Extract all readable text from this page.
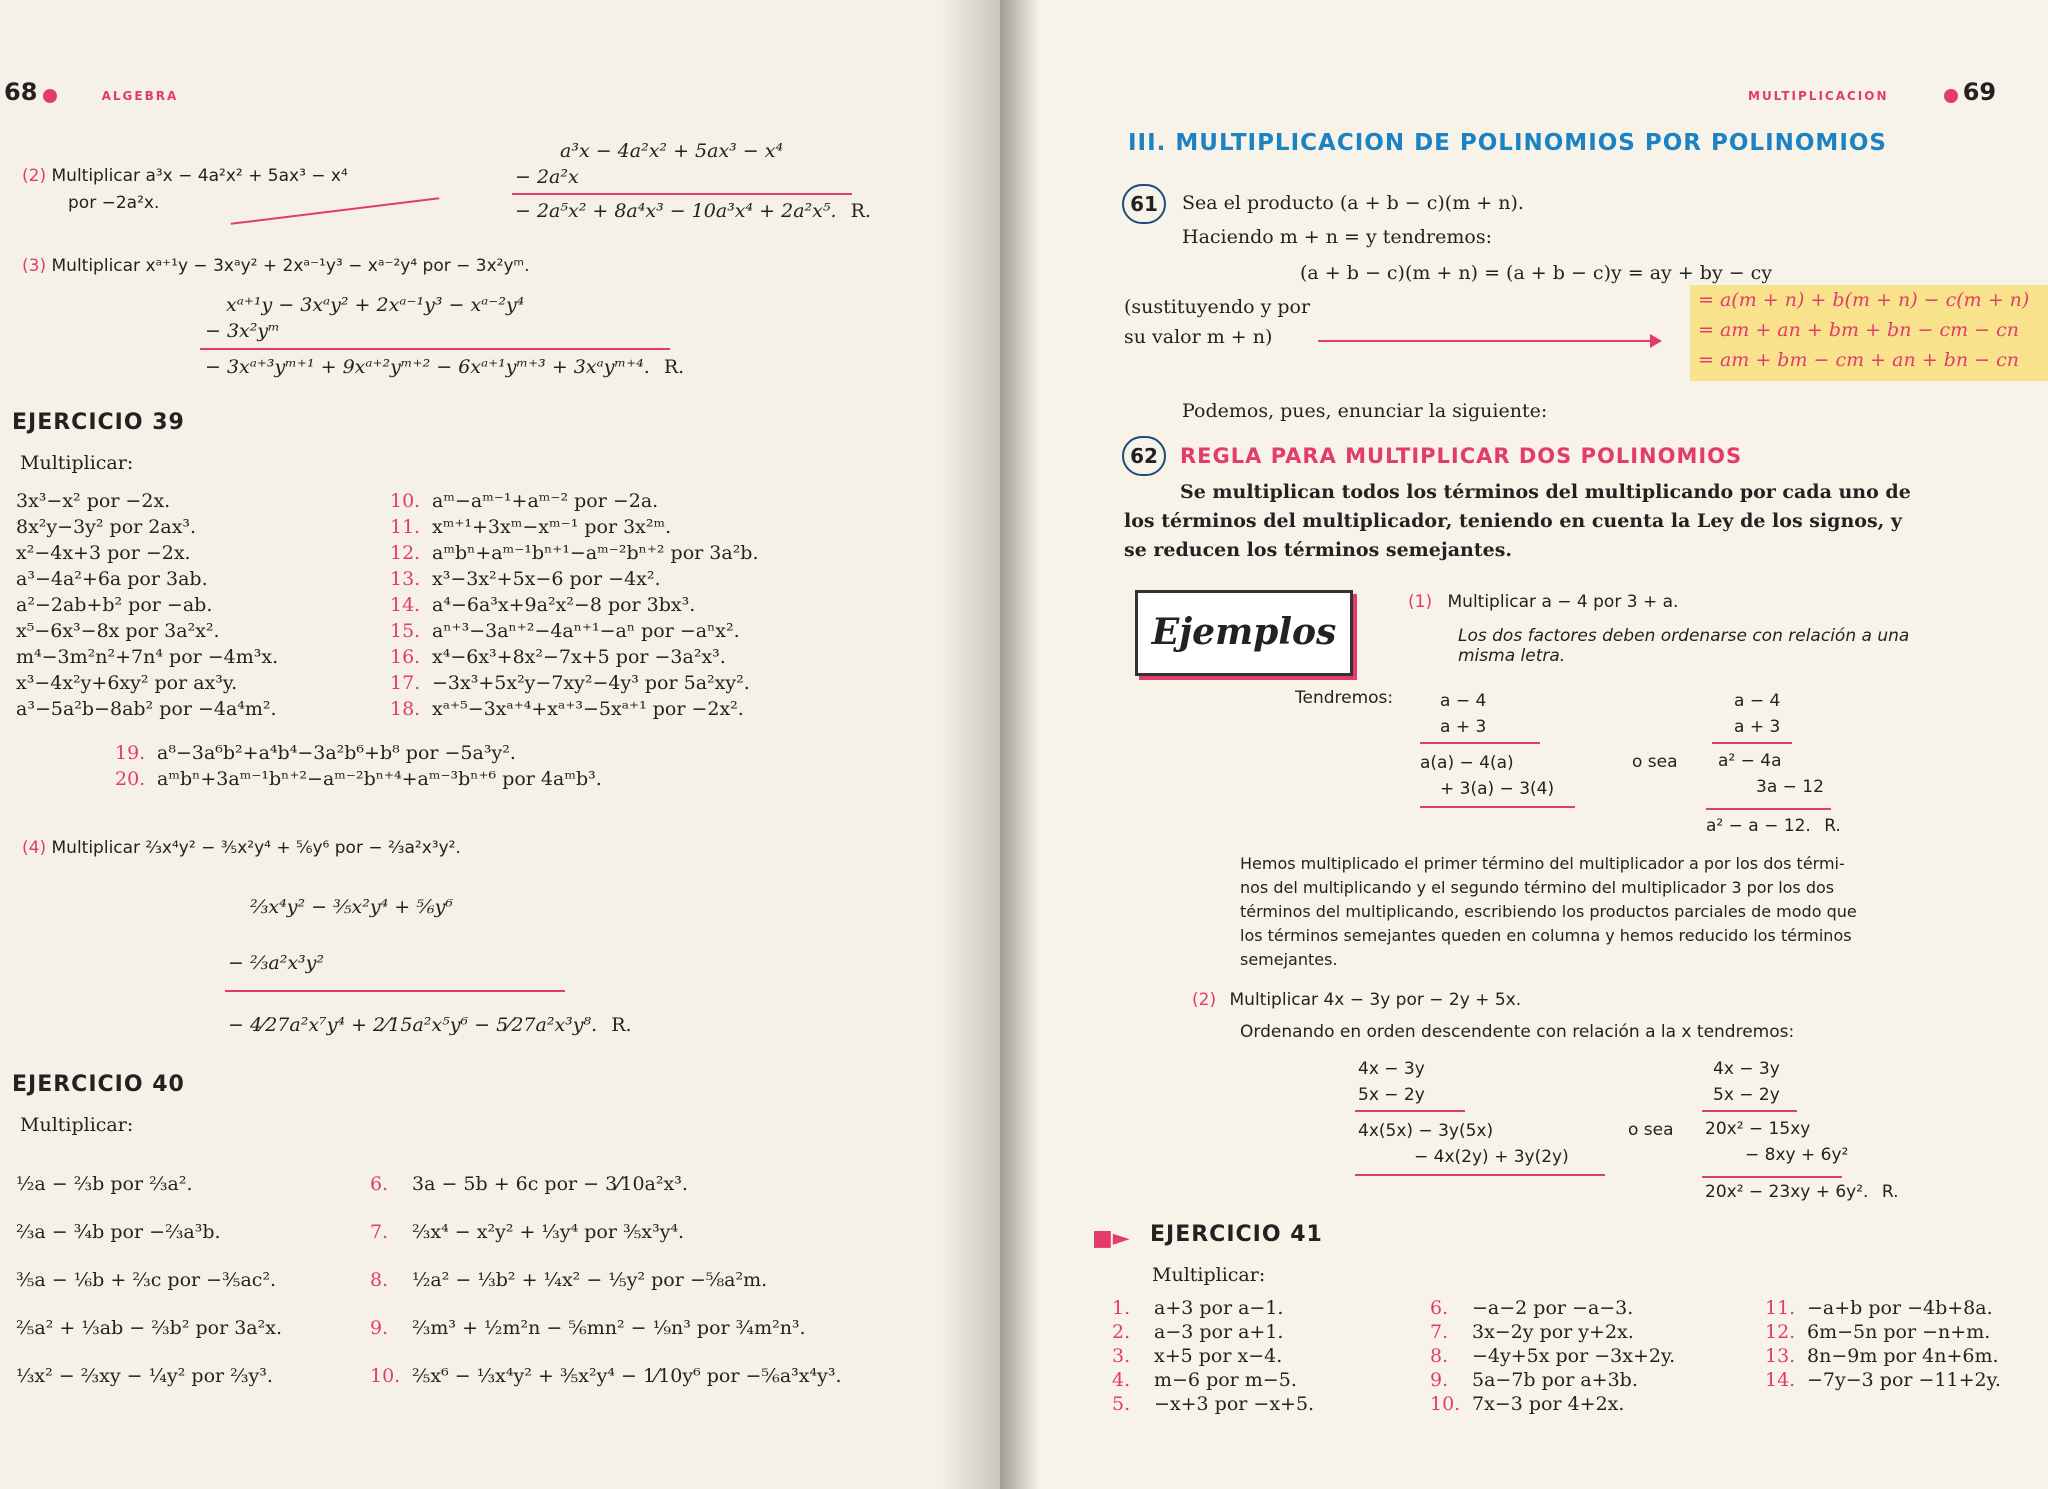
68	ALGEBRA
(2) Multiplicar a³x − 4a²x² + 5ax³ − x⁴
por −2a²x.
a³x − 4a²x² + 5ax³ − x⁴
− 2a²x
− 2a⁵x² + 8a⁴x³ − 10a³x⁴ + 2a²x⁵. R.
(3) Multiplicar xᵃ⁺¹y − 3xᵃy² + 2xᵃ⁻¹y³ − xᵃ⁻²y⁴ por − 3x²yᵐ.
xᵃ⁺¹y − 3xᵃy² + 2xᵃ⁻¹y³ − xᵃ⁻²y⁴
− 3x²yᵐ
− 3xᵃ⁺³yᵐ⁺¹ + 9xᵃ⁺²yᵐ⁺² − 6xᵃ⁺¹yᵐ⁺³ + 3xᵃyᵐ⁺⁴. R.
EJERCICIO 39
Multiplicar:
3x³−x² por −2x.
8x²y−3y² por 2ax³.
x²−4x+3 por −2x.
a³−4a²+6a por 3ab.
a²−2ab+b² por −ab.
x⁵−6x³−8x por 3a²x².
m⁴−3m²n²+7n⁴ por −4m³x.
x³−4x²y+6xy² por ax³y.
a³−5a²b−8ab² por −4a⁴m².
10. aᵐ−aᵐ⁻¹+aᵐ⁻² por −2a.
11. xᵐ⁺¹+3xᵐ−xᵐ⁻¹ por 3x²ᵐ.
12. aᵐbⁿ+aᵐ⁻¹bⁿ⁺¹−aᵐ⁻²bⁿ⁺² por 3a²b.
13. x³−3x²+5x−6 por −4x².
14. a⁴−6a³x+9a²x²−8 por 3bx³.
15. aⁿ⁺³−3aⁿ⁺²−4aⁿ⁺¹−aⁿ por −aⁿx².
16. x⁴−6x³+8x²−7x+5 por −3a²x³.
17. −3x³+5x²y−7xy²−4y³ por 5a²xy².
18. xᵃ⁺⁵−3xᵃ⁺⁴+xᵃ⁺³−5xᵃ⁺¹ por −2x².
19. a⁸−3a⁶b²+a⁴b⁴−3a²b⁶+b⁸ por −5a³y².
20. aᵐbⁿ+3aᵐ⁻¹bⁿ⁺²−aᵐ⁻²bⁿ⁺⁴+aᵐ⁻³bⁿ⁺⁶ por 4aᵐb³.
(4) Multiplicar ⅔x⁴y² − ⅗x²y⁴ + ⅚y⁶ por − ⅔a²x³y².
⅔x⁴y² − ⅗x²y⁴ + ⅚y⁶
− ⅔a²x³y²
− 4⁄27a²x⁷y⁴ + 2⁄15a²x⁵y⁶ − 5⁄27a²x³y⁸. R.
EJERCICIO 40
Multiplicar:
½a − ⅔b por ⅔a².
⅔a − ¾b por −⅔a³b.
⅗a − ⅙b + ⅔c por −⅗ac².
⅖a² + ⅓ab − ⅔b² por 3a²x.
⅓x² − ⅔xy − ¼y² por ⅔y³.
6. 3a − 5b + 6c por − 3⁄10a²x³.
7. ⅔x⁴ − x²y² + ⅓y⁴ por ⅗x³y⁴.
8. ½a² − ⅓b² + ¼x² − ⅕y² por −⅝a²m.
9. ⅔m³ + ½m²n − ⅚mn² − ⅑n³ por ¾m²n³.
10. ⅖x⁶ − ⅓x⁴y² + ⅗x²y⁴ − 1⁄10y⁶ por −⅚a³x⁴y³.
MULTIPLICACION	69
III. MULTIPLICACION DE POLINOMIOS POR POLINOMIOS
61	Sea el producto (a + b − c)(m + n).
Haciendo m + n = y tendremos:
(a + b − c)(m + n) = (a + b − c)y = ay + by − cy
(sustituyendo y por
su valor m + n)
= a(m + n) + b(m + n) − c(m + n)
= am + an + bm + bn − cm − cn
= am + bm − cm + an + bn − cn
Podemos, pues, enunciar la siguiente:
62	REGLA PARA MULTIPLICAR DOS POLINOMIOS
Se multiplican todos los términos del multiplicando por cada uno de
los términos del multiplicador, teniendo en cuenta la Ley de los signos, y
se reducen los términos semejantes.
Ejemplos
(1) Multiplicar a − 4 por 3 + a.
Los dos factores deben ordenarse con relación a una
misma letra.
Tendremos:	a − 4
a + 3
a(a) − 4(a)
+ 3(a) − 3(4)
o sea
a − 4
a + 3
a² − 4a
3a − 12
a² − a − 12. R.
Hemos multiplicado el primer término del multiplicador a por los dos térmi-
nos del multiplicando y el segundo término del multiplicador 3 por los dos
términos del multiplicando, escribiendo los productos parciales de modo que
los términos semejantes queden en columna y hemos reducido los términos
semejantes.
(2) Multiplicar 4x − 3y por − 2y + 5x.
Ordenando en orden descendente con relación a la x tendremos:
4x − 3y
5x − 2y
4x(5x) − 3y(5x)
− 4x(2y) + 3y(2y)
o sea
4x − 3y
5x − 2y
20x² − 15xy
− 8xy + 6y²
20x² − 23xy + 6y². R.
■► EJERCICIO 41
Multiplicar:
1. a+3 por a−1.
2. a−3 por a+1.
3. x+5 por x−4.
4. m−6 por m−5.
5. −x+3 por −x+5.
6. −a−2 por −a−3.
7. 3x−2y por y+2x.
8. −4y+5x por −3x+2y.
9. 5a−7b por a+3b.
10. 7x−3 por 4+2x.
11. −a+b por −4b+8a.
12. 6m−5n por −n+m.
13. 8n−9m por 4n+6m.
14. −7y−3 por −11+2y.
